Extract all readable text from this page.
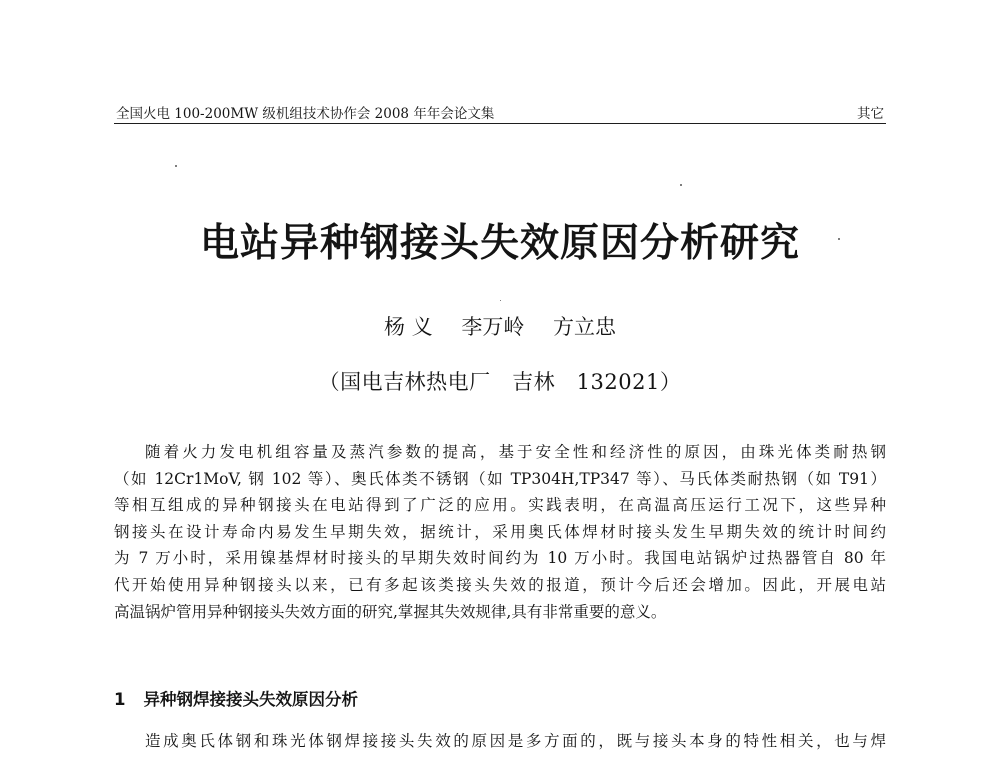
全国火电 100-200MW 级机组技术协作会 2008 年年会论文集	其它
电站异种钢接头失效原因分析研究
杨 义 李万岭 方立忠
（国电吉林热电厂　吉林　132021）
随着火力发电机组容量及蒸汽参数的提高，基于安全性和经济性的原因，由珠光体类耐热钢
（如 12Cr1MoV, 钢 102 等）、奥氏体类不锈钢（如 TP304H,TP347 等）、马氏体类耐热钢（如 T91）
等相互组成的异种钢接头在电站得到了广泛的应用。实践表明，在高温高压运行工况下，这些异种
钢接头在设计寿命内易发生早期失效，据统计，采用奥氏体焊材时接头发生早期失效的统计时间约
为 7 万小时，采用镍基焊材时接头的早期失效时间约为 10 万小时。我国电站锅炉过热器管自 80 年
代开始使用异种钢接头以来，已有多起该类接头失效的报道，预计今后还会增加。因此，开展电站
高温锅炉管用异种钢接头失效方面的研究,掌握其失效规律,具有非常重要的意义。
1 异种钢焊接接头失效原因分析
造成奥氏体钢和珠光体钢焊接接头失效的原因是多方面的，既与接头本身的特性相关，也与焊
